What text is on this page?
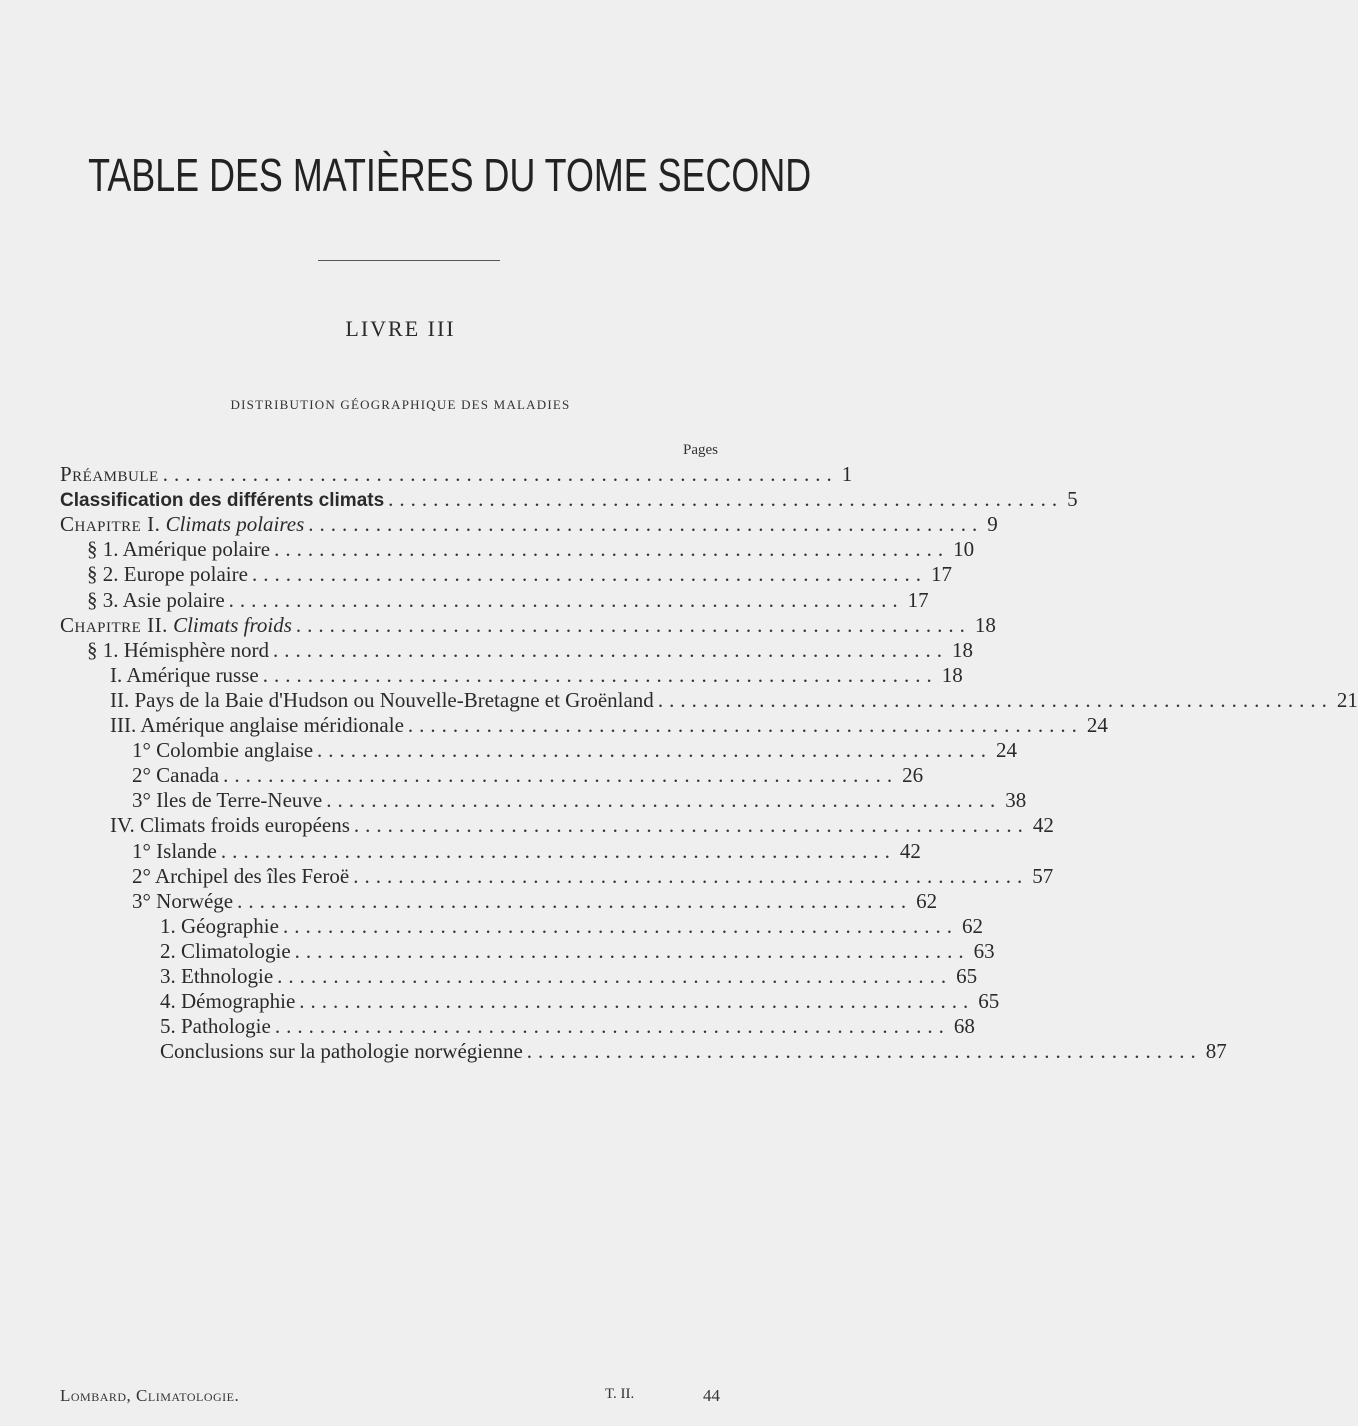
TABLE DES MATIÈRES DU TOME SECOND
LIVRE III
DISTRIBUTION GÉOGRAPHIQUE DES MALADIES
Pages
Préambule ............................................................ 1
Classification des différents climats ............................................................ 5
Chapitre I. Climats polaires ............................................................ 9
§ 1. Amérique polaire ............................................................ 10
§ 2. Europe polaire ............................................................ 17
§ 3. Asie polaire ............................................................ 17
Chapitre II. Climats froids ............................................................ 18
§ 1. Hémisphère nord ............................................................ 18
I. Amérique russe ............................................................ 18
II. Pays de la Baie d'Hudson ou Nouvelle-Bretagne et Groënland ............................................................ 21
III. Amérique anglaise méridionale ............................................................ 24
1° Colombie anglaise ............................................................ 24
2° Canada ............................................................ 26
3° Iles de Terre-Neuve ............................................................ 38
IV. Climats froids européens ............................................................ 42
1° Islande ............................................................ 42
2° Archipel des îles Feroë ............................................................ 57
3° Norwége ............................................................ 62
1. Géographie ............................................................ 62
2. Climatologie ............................................................ 63
3. Ethnologie ............................................................ 65
4. Démographie ............................................................ 65
5. Pathologie ............................................................ 68
Conclusions sur la pathologie norwégienne ............................................................ 87
Lombard, Climatologie.	T. II.	44
